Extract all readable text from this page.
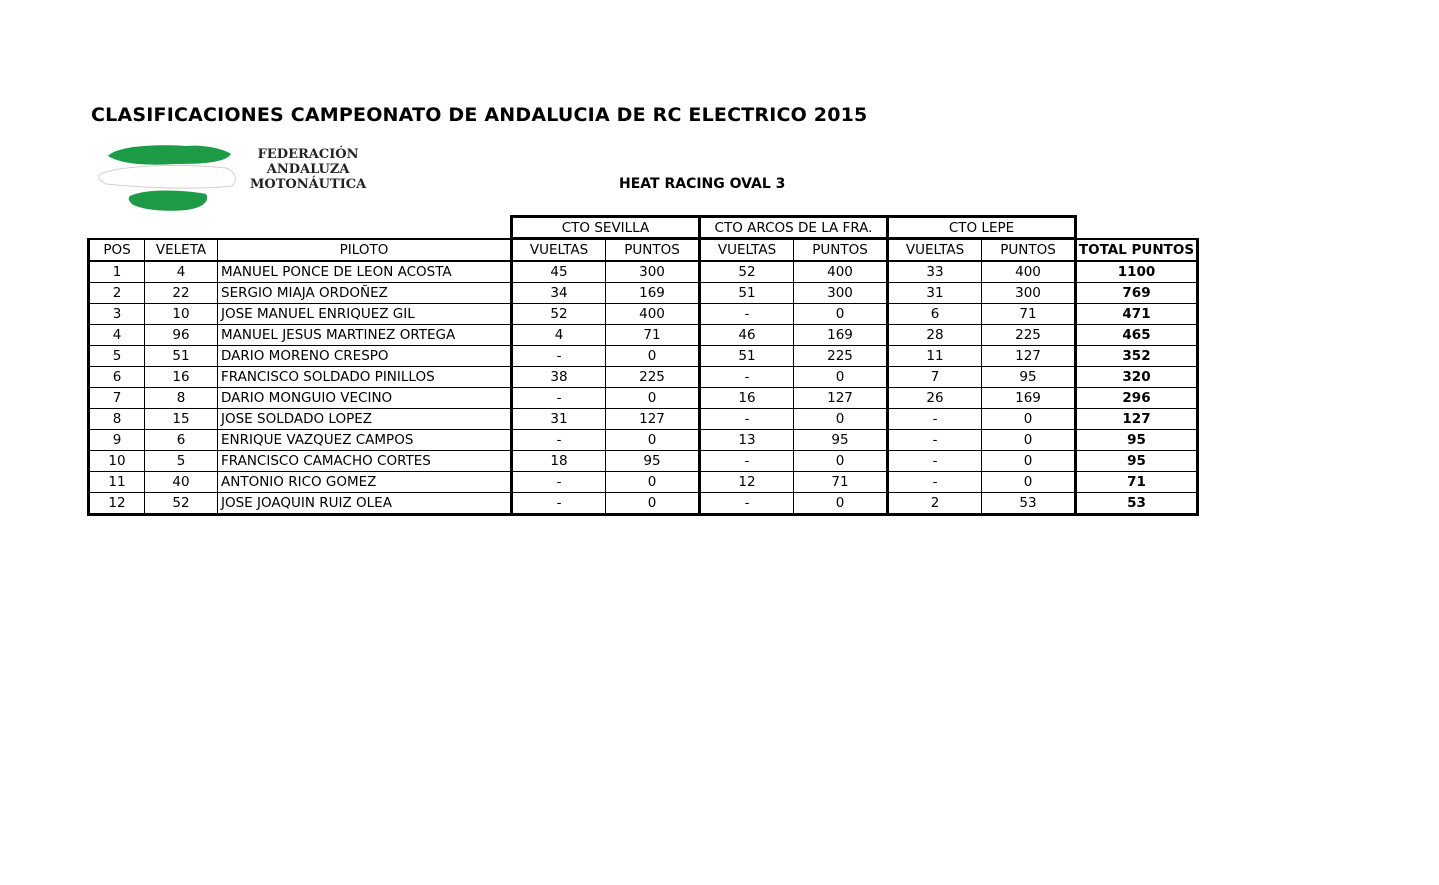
CLASIFICACIONES CAMPEONATO DE ANDALUCIA DE RC ELECTRICO 2015
FEDERACIÓN
ANDALUZA
MOTONÁUTICA	HEAT RACING OVAL 3
			CTO SEVILLA		CTO ARCOS DE LA FRA.		CTO LEPE		
POS	VELETA	PILOTO	VUELTAS	PUNTOS	VUELTAS	PUNTOS	VUELTAS	PUNTOS	TOTAL PUNTOS
1	4	MANUEL PONCE DE LEON ACOSTA	45	300	52	400	33	400	1100
2	22	SERGIO MIAJA ORDOÑEZ	34	169	51	300	31	300	769
3	10	JOSE MANUEL ENRIQUEZ GIL	52	400	-	0	6	71	471
4	96	MANUEL JESUS MARTINEZ ORTEGA	4	71	46	169	28	225	465
5	51	DARIO MORENO CRESPO	-	0	51	225	11	127	352
6	16	FRANCISCO SOLDADO PINILLOS	38	225	-	0	7	95	320
7	8	DARIO MONGUIO VECINO	-	0	16	127	26	169	296
8	15	JOSE SOLDADO LOPEZ	31	127	-	0	-	0	127
9	6	ENRIQUE VAZQUEZ CAMPOS	-	0	13	95	-	0	95
10	5	FRANCISCO CAMACHO CORTES	18	95	-	0	-	0	95
11	40	ANTONIO RICO GOMEZ	-	0	12	71	-	0	71
12	52	JOSE JOAQUIN RUIZ OLEA	-	0	-	0	2	53	53
